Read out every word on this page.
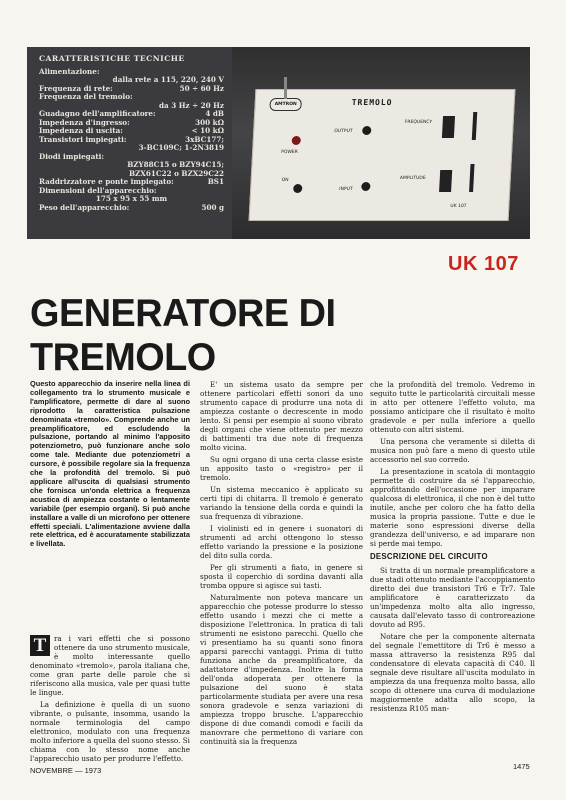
CARATTERISTICHE TECNICHE
Alimentazione:
dalla rete a 115, 220, 240 V
Frequenza di rete:	50 ÷ 60 Hz
Frequenza del tremolo:
da 3 Hz ÷ 20 Hz
Guadagno dell'amplificatore:	4 dB
Impedenza d'ingresso:	300 kΩ
Impedenza di uscita:	< 10 kΩ
Transistori impiegati:	3xBC177;
3-BC109C; 1-2N3819
Diodi impiegati:
BZY88C15 o BZY94C15;
BZX61C22 o BZX29C22
Raddrizzatore e ponte impiegato:	BS1
Dimensioni dell'apparecchio:
175 x 95 x 55 mm
Peso dell'apparecchio:	500 g
AMTRON	TREMOLO
OUTPUT
POWER
FREQUENCY
ON
INPUT
AMPLITUDE
UK 107
UK 107
GENERATORE DI TREMOLO

Questo apparecchio da inserire nella linea di collegamento tra lo strumento musicale e l'amplificatore, permette di dare al suono riprodotto la caratteristica pulsazione denominata «tremolo». Comprende anche un preamplificatore, ed escludendo la pulsazione, portando al minimo l'apposito potenziometro, può funzionare anche solo come tale. Mediante due potenziometri a cursore, è possibile regolare sia la frequenza che la profondità del tremolo. Si può applicare all'uscita di qualsiasi strumento che fornisca un'onda elettrica a frequenza acustica di ampiezza costante o lentamente variabile (per esempio organi). Si può anche installare a valle di un microfono per ottenere effetti speciali. L'alimentazione avviene dalla rete elettrica, ed è accuratamente stabilizzata e livellata.

T	ra i vari effetti che si possono ottenere da uno strumento musicale, è molto interessante quello denominato «tremolo», parola italiana che, come gran parte delle parole che si riferiscono alla musica, vale per quasi tutte le lingue.

La definizione è quella di un suono vibrante, o pulsante, insomma, usando la normale terminologia del campo elettronico, modulato con una frequenza molto inferiore a quella del suono stesso. Si chiama con lo stesso nome anche l'apparecchio usato per produrre l'effetto.

E' un sistema usato da sempre per ottenere particolari effetti sonori da uno strumento capace di produrre una nota di ampiezza costante o decrescente in modo lento. Si pensi per esempio al suono vibrato degli organi che viene ottenuto per mezzo di battimenti tra due note di frequenza molto vicina.

Su ogni organo di una certa classe esiste un apposito tasto o «registro» per il tremolo.

Un sistema meccanico è applicato su certi tipi di chitarra. Il tremolo è generato variando la tensione della corda e quindi la sua frequenza di vibrazione.

I violinisti ed in genere i suonatori di strumenti ad archi ottengono lo stesso effetto variando la pressione e la posizione del dito sulla corda.

Per gli strumenti a fiato, in genere si sposta il coperchio di sordina davanti alla tromba oppure si agisce sui tasti.

Naturalmente non poteva mancare un apparecchio che potesse produrre lo stesso effetto usando i mezzi che ci mette a disposizione l'elettronica. In pratica di tali strumenti ne esistono parecchi. Quello che vi presentiamo ha su quanti sono finora apparsi parecchi vantaggi. Prima di tutto funziona anche da preamplificatore, da adattatore d'impedenza. Inoltre la forma dell'onda adoperata per ottenere la pulsazione del suono è stata particolarmente studiata per avere una resa sonora gradevole e senza variazioni di ampiezza troppo brusche. L'apparecchio dispone di due comandi comodi e facili da manovrare che permettono di variare con continuità sia la frequenza

che la profondità del tremolo. Vedremo in seguito tutte le particolarità circuitali messe in atto per ottenere l'effetto voluto, ma possiamo anticipare che il risultato è molto gradevole e per nulla inferiore a quello ottenuto con altri sistemi.

Una persona che veramente si diletta di musica non può fare a meno di questo utile accessorio nel suo corredo.

La presentazione in scatola di montaggio permette di costruire da sé l'apparecchio, approfittando dell'occasione per imparare qualcosa di elettronica, il che non è del tutto inutile, anche per coloro che ha fatto della musica la propria passione. Tutte e due le materie sono espressioni diverse della grandezza dell'universo, e ad imparare non si perde mai tempo.

DESCRIZIONE DEL CIRCUITO

Si tratta di un normale preamplificatore a due stadi ottenuto mediante l'accoppiamento diretto dei due transistori Tr6 e Tr7. Tale amplificatore è caratterizzato da un'impedenza molto alta allo ingresso, causata dall'elevato tasso di controreazione dovuto ad R95.

Notare che per la componente alternata del segnale l'emettitore di Tr6 è messo a massa attraverso la resistenza R95 dal condensatore di elevata capacità di C40. Il segnale deve risultare all'uscita modulato in ampiezza da una frequenza molto bassa, allo scopo di ottenere una curva di modulazione maggiormente adatta allo scopo, la resistenza R105 man-

NOVEMBRE — 1973	1475
